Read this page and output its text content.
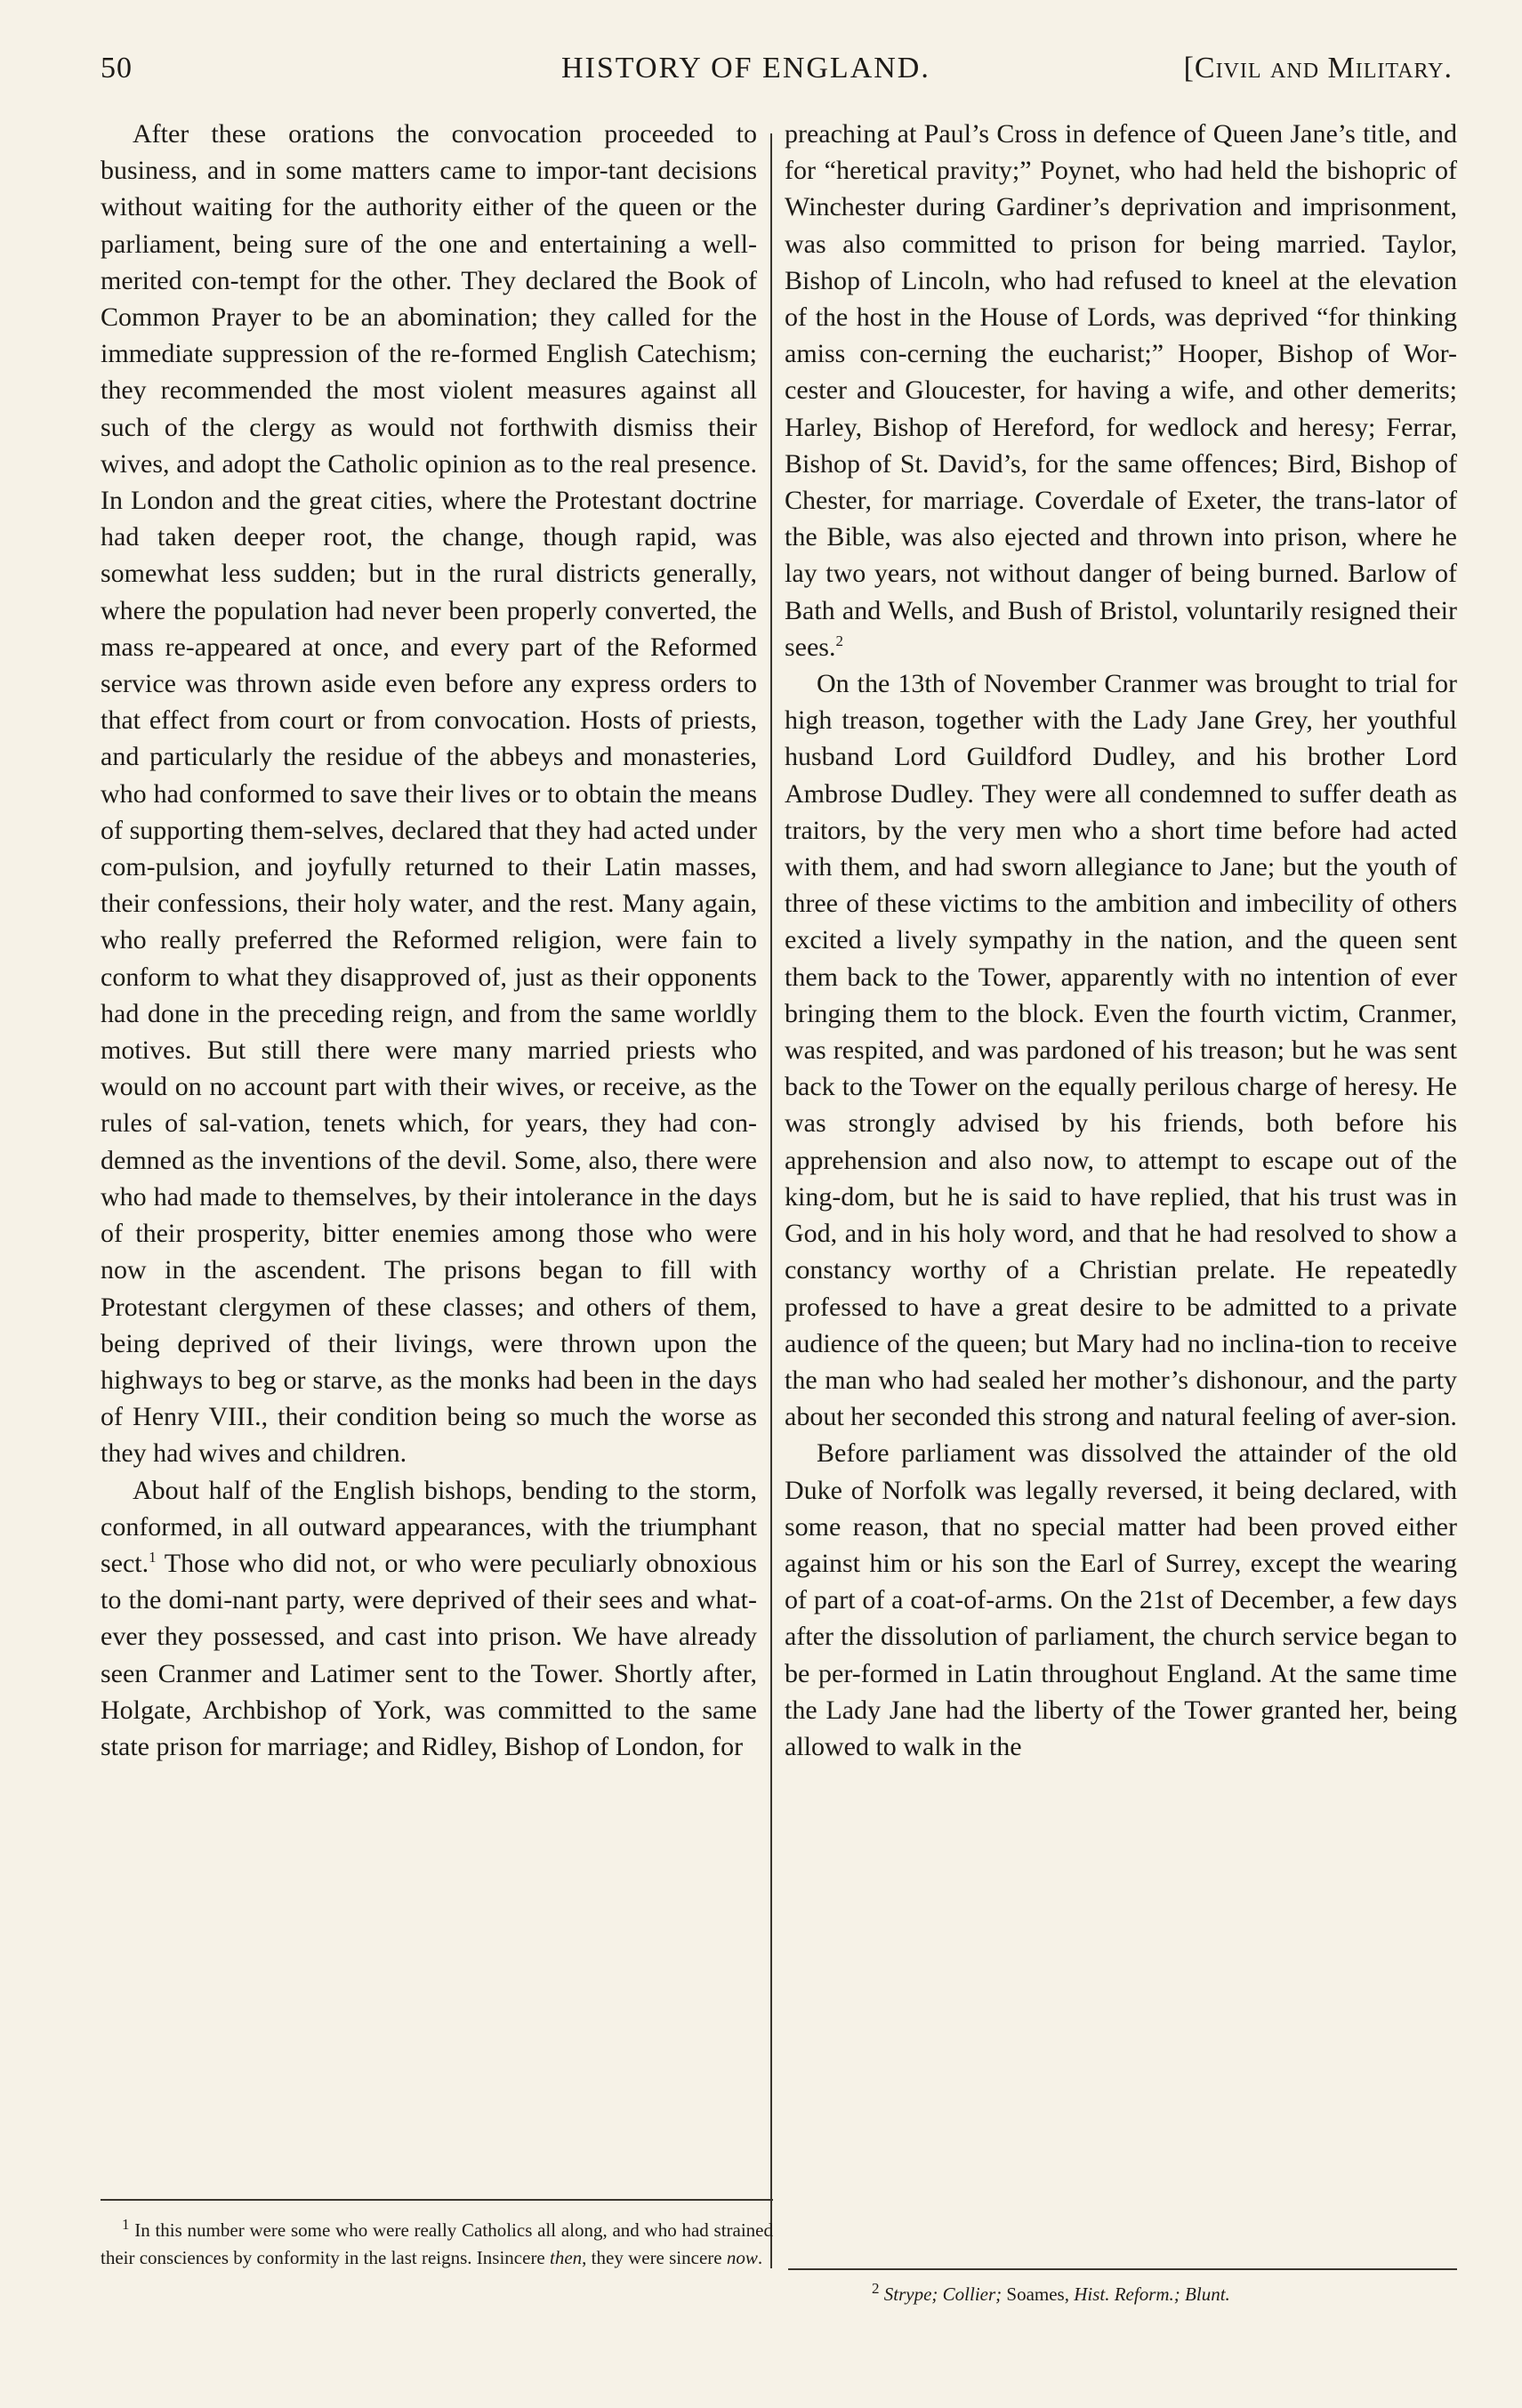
50	HISTORY OF ENGLAND.	[Civil and Military.

After these orations the convocation proceeded to business, and in some matters came to impor-tant decisions without waiting for the authority either of the queen or the parliament, being sure of the one and entertaining a well-merited con-tempt for the other. They declared the Book of Common Prayer to be an abomination; they called for the immediate suppression of the re-formed English Catechism; they recommended the most violent measures against all such of the clergy as would not forthwith dismiss their wives, and adopt the Catholic opinion as to the real presence. In London and the great cities, where the Protestant doctrine had taken deeper root, the change, though rapid, was somewhat less sudden; but in the rural districts generally, where the population had never been properly converted, the mass re-appeared at once, and every part of the Reformed service was thrown aside even before any express orders to that effect from court or from convocation. Hosts of priests, and particularly the residue of the abbeys and monasteries, who had conformed to save their lives or to obtain the means of supporting them-selves, declared that they had acted under com-pulsion, and joyfully returned to their Latin masses, their confessions, their holy water, and the rest. Many again, who really preferred the Reformed religion, were fain to conform to what they disapproved of, just as their opponents had done in the preceding reign, and from the same worldly motives. But still there were many married priests who would on no account part with their wives, or receive, as the rules of sal-vation, tenets which, for years, they had con-demned as the inventions of the devil. Some, also, there were who had made to themselves, by their intolerance in the days of their prosperity, bitter enemies among those who were now in the ascendent. The prisons began to fill with Protestant clergymen of these classes; and others of them, being deprived of their livings, were thrown upon the highways to beg or starve, as the monks had been in the days of Henry VIII., their condition being so much the worse as they had wives and children.

About half of the English bishops, bending to the storm, conformed, in all outward appearances, with the triumphant sect.$^1$ Those who did not, or who were peculiarly obnoxious to the domi-nant party, were deprived of their sees and what-ever they possessed, and cast into prison. We have already seen Cranmer and Latimer sent to the Tower. Shortly after, Holgate, Archbishop of York, was committed to the same state prison for marriage; and Ridley, Bishop of London, for

preaching at Paul’s Cross in defence of Queen Jane’s title, and for “heretical pravity;” Poynet, who had held the bishopric of Winchester during Gardiner’s deprivation and imprisonment, was also committed to prison for being married. Taylor, Bishop of Lincoln, who had refused to kneel at the elevation of the host in the House of Lords, was deprived “for thinking amiss con-cerning the eucharist;” Hooper, Bishop of Wor-cester and Gloucester, for having a wife, and other demerits; Harley, Bishop of Hereford, for wedlock and heresy; Ferrar, Bishop of St. David’s, for the same offences; Bird, Bishop of Chester, for marriage. Coverdale of Exeter, the trans-lator of the Bible, was also ejected and thrown into prison, where he lay two years, not without danger of being burned. Barlow of Bath and Wells, and Bush of Bristol, voluntarily resigned their sees.$^2$

On the 13th of November Cranmer was brought to trial for high treason, together with the Lady Jane Grey, her youthful husband Lord Guildford Dudley, and his brother Lord Ambrose Dudley. They were all condemned to suffer death as traitors, by the very men who a short time before had acted with them, and had sworn allegiance to Jane; but the youth of three of these victims to the ambition and imbecility of others excited a lively sympathy in the nation, and the queen sent them back to the Tower, apparently with no intention of ever bringing them to the block. Even the fourth victim, Cranmer, was respited, and was pardoned of his treason; but he was sent back to the Tower on the equally perilous charge of heresy. He was strongly advised by his friends, both before his apprehension and also now, to attempt to escape out of the king-dom, but he is said to have replied, that his trust was in God, and in his holy word, and that he had resolved to show a constancy worthy of a Christian prelate. He repeatedly professed to have a great desire to be admitted to a private audience of the queen; but Mary had no inclina-tion to receive the man who had sealed her mother’s dishonour, and the party about her seconded this strong and natural feeling of aver-sion.

Before parliament was dissolved the attainder of the old Duke of Norfolk was legally reversed, it being declared, with some reason, that no special matter had been proved either against him or his son the Earl of Surrey, except the wearing of part of a coat-of-arms. On the 21st of December, a few days after the dissolution of parliament, the church service began to be per-formed in Latin throughout England. At the same time the Lady Jane had the liberty of the Tower granted her, being allowed to walk in the

$^1$ In this number were some who were really Catholics all along, and who had strained their consciences by conformity in the last reigns. Insincere then, they were sincere now.
$^2$ Strype; Collier; Soames, Hist. Reform.; Blunt.
